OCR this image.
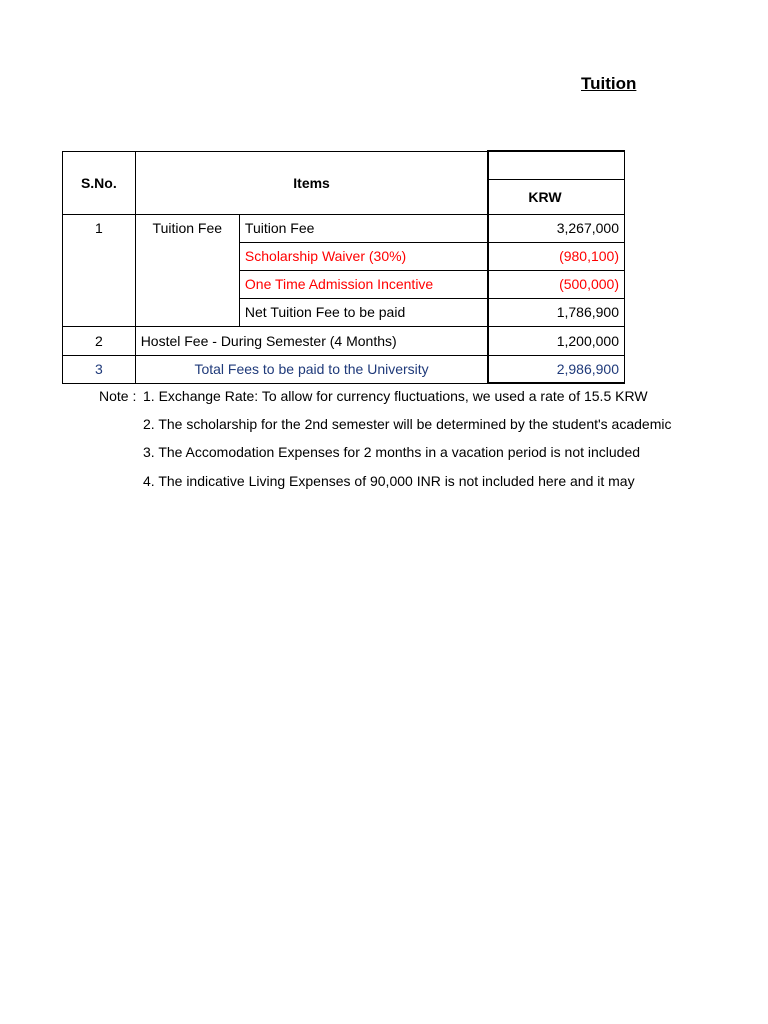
Tuition
S.No.	Items		
			KRW
1	Tuition Fee	Tuition Fee	3,267,000
		Scholarship Waiver (30%)	(980,100)
		One Time Admission Incentive	(500,000)
		Net Tuition Fee to be paid	1,786,900
2	Hostel Fee - During Semester (4 Months)		1,200,000
3	Total Fees to be paid to the University		2,986,900
Note : 1. Exchange Rate: To allow for currency fluctuations, we used a rate of 15.5 KRW
2. The scholarship for the 2nd semester will be determined by the student's academic
3. The Accomodation Expenses for 2 months in a vacation period is not included
4. The indicative Living Expenses of 90,000 INR is not included here and it may
